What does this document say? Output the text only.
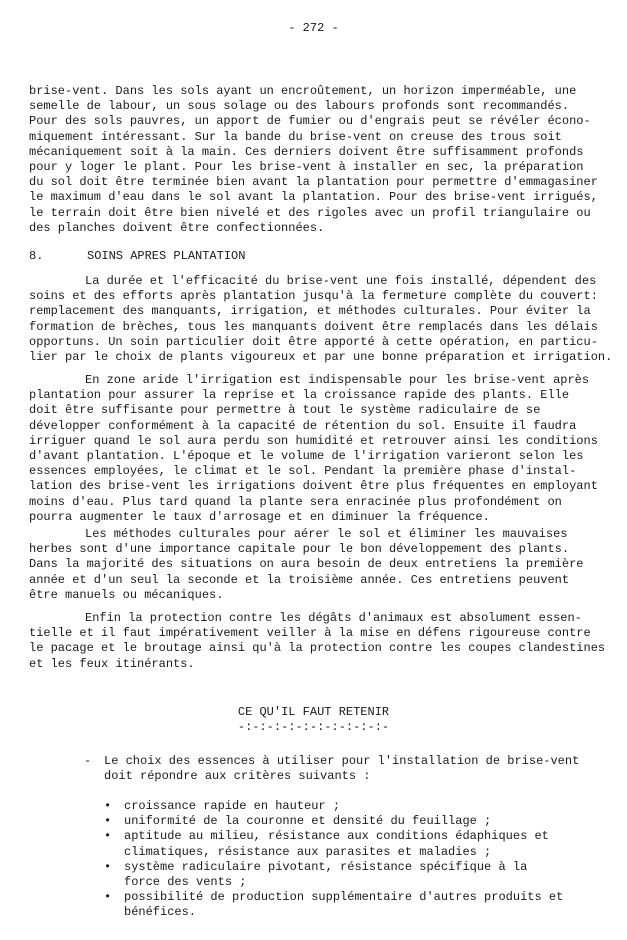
- 272 -
brise-vent. Dans les sols ayant un encroûtement, un horizon imperméable, une
semelle de labour, un sous solage ou des labours profonds sont recommandés.
Pour des sols pauvres, un apport de fumier ou d'engrais peut se révéler écono-
miquement intéressant. Sur la bande du brise-vent on creuse des trous soit
mécaniquement soit à la main. Ces derniers doivent être suffisamment profonds
pour y loger le plant. Pour les brise-vent à installer en sec, la préparation
du sol doit être terminée bien avant la plantation pour permettre d'emmagasiner
le maximum d'eau dans le sol avant la plantation. Pour des brise-vent irrigués,
le terrain doit être bien nivelé et des rigoles avec un profil triangulaire ou
des planches doivent être confectionnées.
8.	SOINS APRES PLANTATION
La durée et l'efficacité du brise-vent une fois installé, dépendent des
soins et des efforts après plantation jusqu'à la fermeture complète du couvert:
remplacement des manquants, irrigation, et méthodes culturales. Pour éviter la
formation de brèches, tous les manquants doivent être remplacés dans les délais
opportuns. Un soin particulier doit être apporté à cette opération, en particu-
lier par le choix de plants vigoureux et par une bonne préparation et irrigation.
En zone aride l'irrigation est indispensable pour les brise-vent après
plantation pour assurer la reprise et la croissance rapide des plants. Elle
doit être suffisante pour permettre à tout le système radiculaire de se
développer conformément à la capacité de rétention du sol. Ensuite il faudra
irriguer quand le sol aura perdu son humidité et retrouver ainsi les conditions
d'avant plantation. L'époque et le volume de l'irrigation varieront selon les
essences employées, le climat et le sol. Pendant la première phase d'instal-
lation des brise-vent les irrigations doivent être plus fréquentes en employant
moins d'eau. Plus tard quand la plante sera enracinée plus profondément on
pourra augmenter le taux d'arrosage et en diminuer la fréquence.
Les méthodes culturales pour aérer le sol et éliminer les mauvaises
herbes sont d'une importance capitale pour le bon développement des plants.
Dans la majorité des situations on aura besoin de deux entretiens la première
année et d'un seul la seconde et la troisième année. Ces entretiens peuvent
être manuels ou mécaniques.
Enfin la protection contre les dégâts d'animaux est absolument essen-
tielle et il faut impérativement veiller à la mise en défens rigoureuse contre
le pacage et le broutage ainsi qu'à la protection contre les coupes clandestines
et les feux itinérants.
CE QU'IL FAUT RETENIR
-:-:-:-:-:-:-:-:-:-:-
- Le choix des essences à utiliser pour l'installation de brise-vent
doit répondre aux critères suivants :
• croissance rapide en hauteur ;
• uniformité de la couronne et densité du feuillage ;
• aptitude au milieu, résistance aux conditions édaphiques et
climatiques, résistance aux parasites et maladies ;
• système radiculaire pivotant, résistance spécifique à la
force des vents ;
• possibilité de production supplémentaire d'autres produits et
bénéfices.
